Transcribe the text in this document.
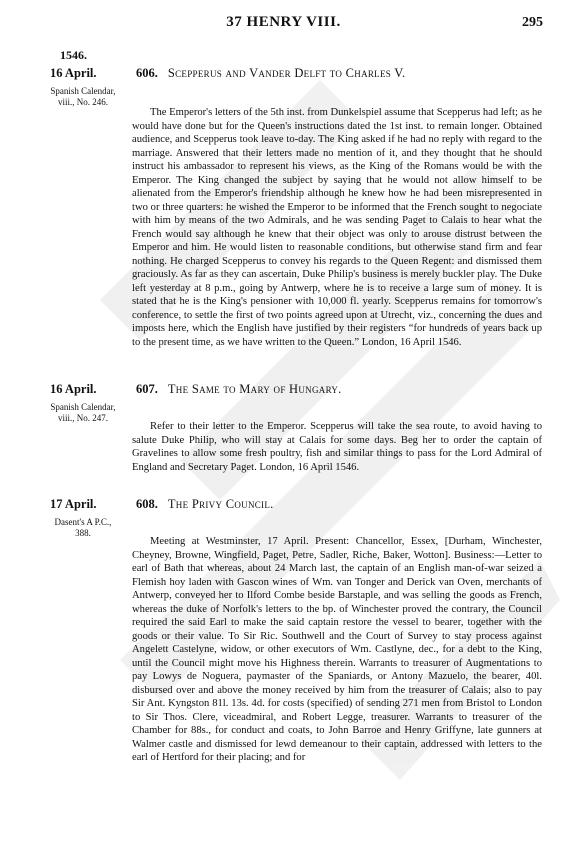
37 HENRY VIII.	295
1546.
16 April.
Spanish Calendar, viii., No. 246.
606. Scepperus and Vander Delft to Charles V.

The Emperor's letters of the 5th inst. from Dunkelspiel assume that Scepperus had left; as he would have done but for the Queen's instructions dated the 1st inst. to remain longer. Obtained audience, and Scepperus took leave to-day. The King asked if he had no reply with regard to the marriage. Answered that their letters made no mention of it, and they thought that he should instruct his ambassador to represent his views, as the King of the Romans would be with the Emperor. The King changed the subject by saying that he would not allow himself to be alienated from the Emperor's friendship although he knew how he had been misrepresented in two or three quarters: he wished the Emperor to be informed that the French sought to negociate with him by means of the two Admirals, and he was sending Paget to Calais to hear what the French would say although he knew that their object was only to arouse distrust between the Emperor and him. He would listen to reasonable conditions, but otherwise stand firm and fear nothing. He charged Scepperus to convey his regards to the Queen Regent: and dismissed them graciously. As far as they can ascertain, Duke Philip's business is merely buckler play. The Duke left yesterday at 8 p.m., going by Antwerp, where he is to receive a large sum of money. It is stated that he is the King's pensioner with 10,000 fl. yearly. Scepperus remains for tomorrow's conference, to settle the first of two points agreed upon at Utrecht, viz., concerning the dues and imposts here, which the English have justified by their registers “for hundreds of years back up to the present time, as we have written to the Queen.” London, 16 April 1546.

16 April.
Spanish Calendar, viii., No. 247.
607. The Same to Mary of Hungary.

Refer to their letter to the Emperor. Scepperus will take the sea route, to avoid having to salute Duke Philip, who will stay at Calais for some days. Beg her to order the captain of Gravelines to allow some fresh poultry, fish and similar things to pass for the Lord Admiral of England and Secretary Paget. London, 16 April 1546.

17 April.
Dasent's A P.C., 388.
608. The Privy Council.

Meeting at Westminster, 17 April. Present: Chancellor, Essex, [Durham, Winchester, Cheyney, Browne, Wingfield, Paget, Petre, Sadler, Riche, Baker, Wotton]. Business:—Letter to earl of Bath that whereas, about 24 March last, the captain of an English man-of-war seized a Flemish hoy laden with Gascon wines of Wm. van Tonger and Derick van Oven, merchants of Antwerp, conveyed her to Ilford Combe beside Barstaple, and was selling the goods as French, whereas the duke of Norfolk's letters to the bp. of Winchester proved the contrary, the Council required the said Earl to make the said captain restore the vessel to bearer, together with the goods or their value. To Sir Ric. Southwell and the Court of Survey to stay process against Angelett Castelyne, widow, or other executors of Wm. Castlyne, dec., for a debt to the King, until the Council might move his Highness therein. Warrants to treasurer of Augmentations to pay Lowys de Noguera, paymaster of the Spaniards, or Antony Mazuelo, the bearer, 40l. disbursed over and above the money received by him from the treasurer of Calais; also to pay Sir Ant. Kyngston 81l. 13s. 4d. for costs (specified) of sending 271 men from Bristol to London to Sir Thos. Clere, viceadmiral, and Robert Legge, treasurer. Warrants to treasurer of the Chamber for 88s., for conduct and coats, to John Barroe and Henry Griffyne, late gunners at Walmer castle and dismissed for lewd demeanour to their captain, addressed with letters to the earl of Hertford for their placing; and for
